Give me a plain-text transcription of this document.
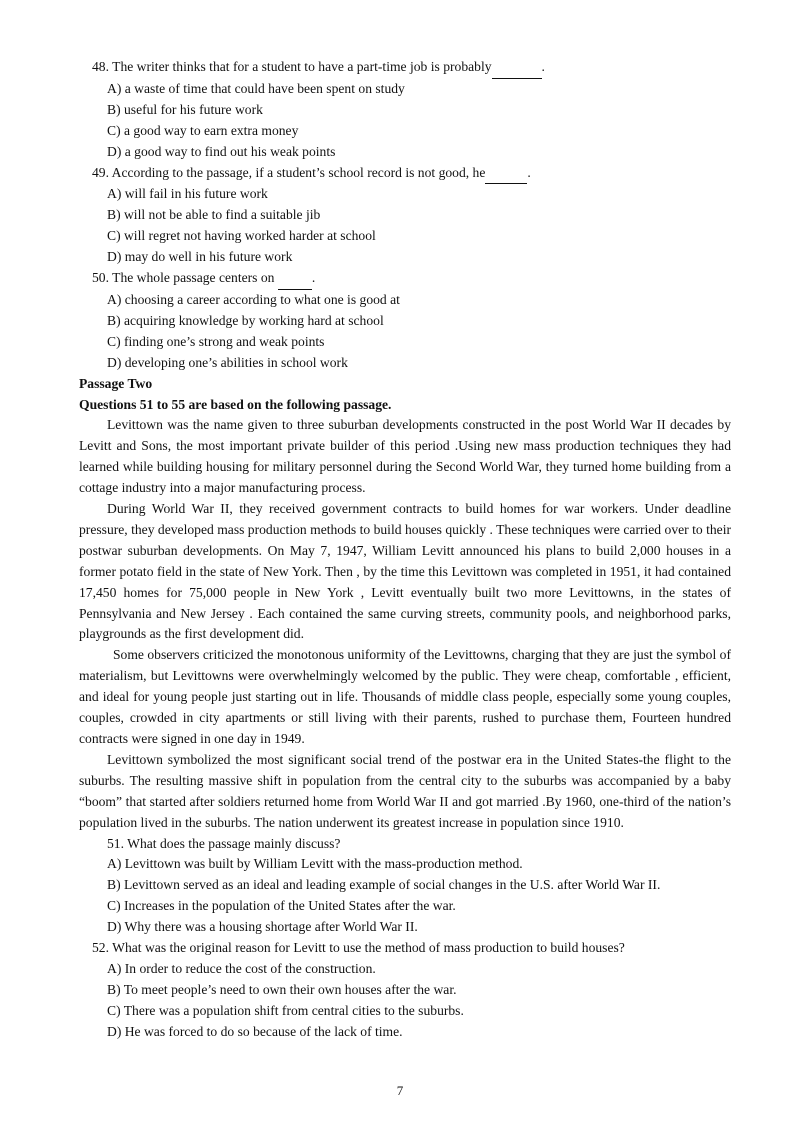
48. The writer thinks that for a student to have a part-time job is probably	.
A) a waste of time that could have been spent on study
B) useful for his future work
C) a good way to earn extra money
D) a good way to find out his weak points
49. According to the passage, if a student’s school record is not good, he	.
A) will fail in his future work
B) will not be able to find a suitable jib
C) will regret not having worked harder at school
D) may do well in his future work
50. The whole passage centers on	.
A) choosing a career according to what one is good at
B) acquiring knowledge by working hard at school
C) finding one’s strong and weak points
D) developing one’s abilities in school work
Passage Two
Questions 51 to 55 are based on the following passage.

Levittown was the name given to three suburban developments constructed in the post World War II decades by Levitt and Sons, the most important private builder of this period .Using new mass production techniques they had learned while building housing for military personnel during the Second World War, they turned home building from a cottage industry into a major manufacturing process.

During World War II, they received government contracts to build homes for war workers. Under deadline pressure, they developed mass production methods to build houses quickly . These techniques were carried over to their postwar suburban developments. On May 7, 1947, William Levitt announced his plans to build 2,000 houses in a former potato field in the state of New York. Then , by the time this Levittown was completed in 1951, it had contained 17,450 homes for 75,000 people in New York , Levitt eventually built two more Levittowns, in the states of Pennsylvania and New Jersey . Each contained the same curving streets, community pools, and neighborhood parks, playgrounds as the first development did.

Some observers criticized the monotonous uniformity of the Levittowns, charging that they are just the symbol of materialism, but Levittowns were overwhelmingly welcomed by the public. They were cheap, comfortable , efficient, and ideal for young people just starting out in life. Thousands of middle class people, especially some young couples, couples, crowded in city apartments or still living with their parents, rushed to purchase them, Fourteen hundred contracts were signed in one day in 1949.

Levittown symbolized the most significant social trend of the postwar era in the United States-the flight to the suburbs. The resulting massive shift in population from the central city to the suburbs was accompanied by a baby “boom” that started after soldiers returned home from World War II and got married .By 1960, one-third of the nation’s population lived in the suburbs. The nation underwent its greatest increase in population since 1910.

51. What does the passage mainly discuss?
A) Levittown was built by William Levitt with the mass-production method.
B) Levittown served as an ideal and leading example of social changes in the U.S. after World War II.
C) Increases in the population of the United States after the war.
D) Why there was a housing shortage after World War II.
52. What was the original reason for Levitt to use the method of mass production to build houses?
A) In order to reduce the cost of the construction.
B) To meet people’s need to own their own houses after the war.
C) There was a population shift from central cities to the suburbs.
D) He was forced to do so because of the lack of time.
7
